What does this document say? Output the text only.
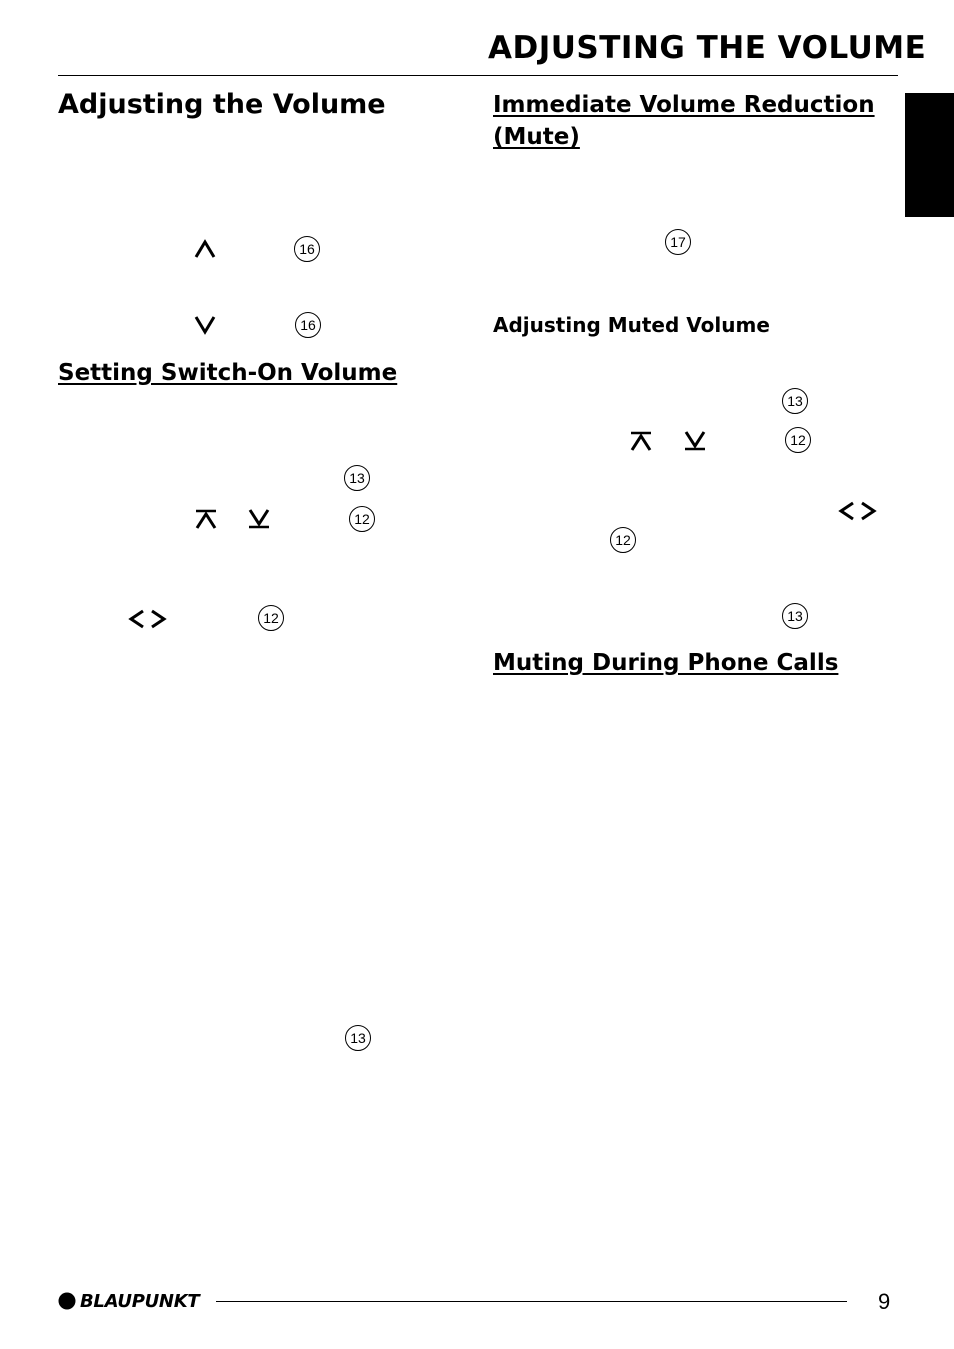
ADJUSTING THE VOLUME
Adjusting the Volume
16
16
Setting Switch-On Volume
13
12
12
13
Immediate Volume Reduction (Mute)
17
Adjusting Muted Volume
13
12
12
13
Muting During Phone Calls
BLAUPUNKT	9
